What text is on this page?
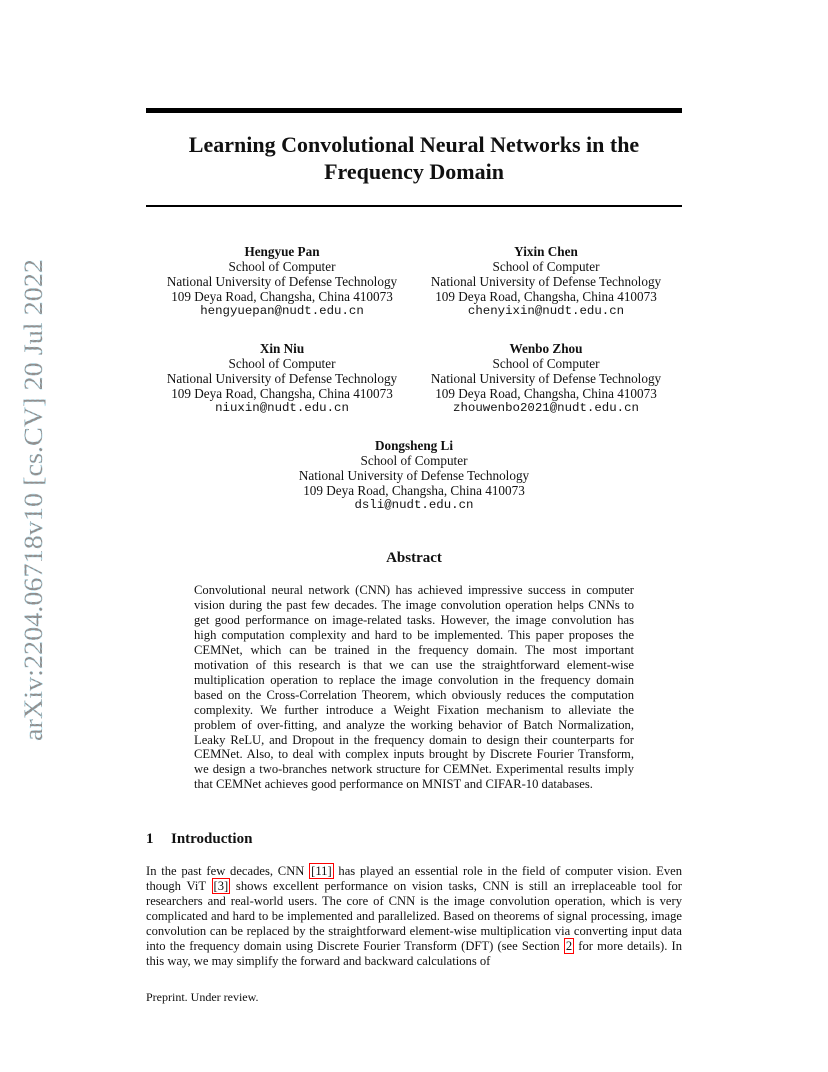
Learning Convolutional Neural Networks in the
Frequency Domain
arXiv:2204.06718v10 [cs.CV] 20 Jul 2022
Hengyue Pan
School of Computer
National University of Defense Technology
109 Deya Road, Changsha, China 410073
hengyuepan@nudt.edu.cn
Yixin Chen
School of Computer
National University of Defense Technology
109 Deya Road, Changsha, China 410073
chenyixin@nudt.edu.cn
Xin Niu
School of Computer
National University of Defense Technology
109 Deya Road, Changsha, China 410073
niuxin@nudt.edu.cn
Wenbo Zhou
School of Computer
National University of Defense Technology
109 Deya Road, Changsha, China 410073
zhouwenbo2021@nudt.edu.cn
Dongsheng Li
School of Computer
National University of Defense Technology
109 Deya Road, Changsha, China 410073
dsli@nudt.edu.cn
Abstract
Convolutional neural network (CNN) has achieved impressive success in computer vision during the past few decades. The image convolution operation helps CNNs to get good performance on image-related tasks. However, the image convolution has high computation complexity and hard to be implemented. This paper proposes the CEMNet, which can be trained in the frequency domain. The most important motivation of this research is that we can use the straightforward element-wise multiplication operation to replace the image convolution in the frequency domain based on the Cross-Correlation Theorem, which obviously reduces the computation complexity. We further introduce a Weight Fixation mechanism to alleviate the problem of over-fitting, and analyze the working behavior of Batch Normalization, Leaky ReLU, and Dropout in the frequency domain to design their counterparts for CEMNet. Also, to deal with complex inputs brought by Discrete Fourier Transform, we design a two-branches network structure for CEMNet. Experimental results imply that CEMNet achieves good performance on MNIST and CIFAR-10 databases.
1 Introduction
In the past few decades, CNN [11] has played an essential role in the field of computer vision. Even though ViT [3] shows excellent performance on vision tasks, CNN is still an irreplaceable tool for researchers and real-world users. The core of CNN is the image convolution operation, which is very complicated and hard to be implemented and parallelized. Based on theorems of signal processing, image convolution can be replaced by the straightforward element-wise multiplication via converting input data into the frequency domain using Discrete Fourier Transform (DFT) (see Section 2 for more details). In this way, we may simplify the forward and backward calculations of
Preprint. Under review.
